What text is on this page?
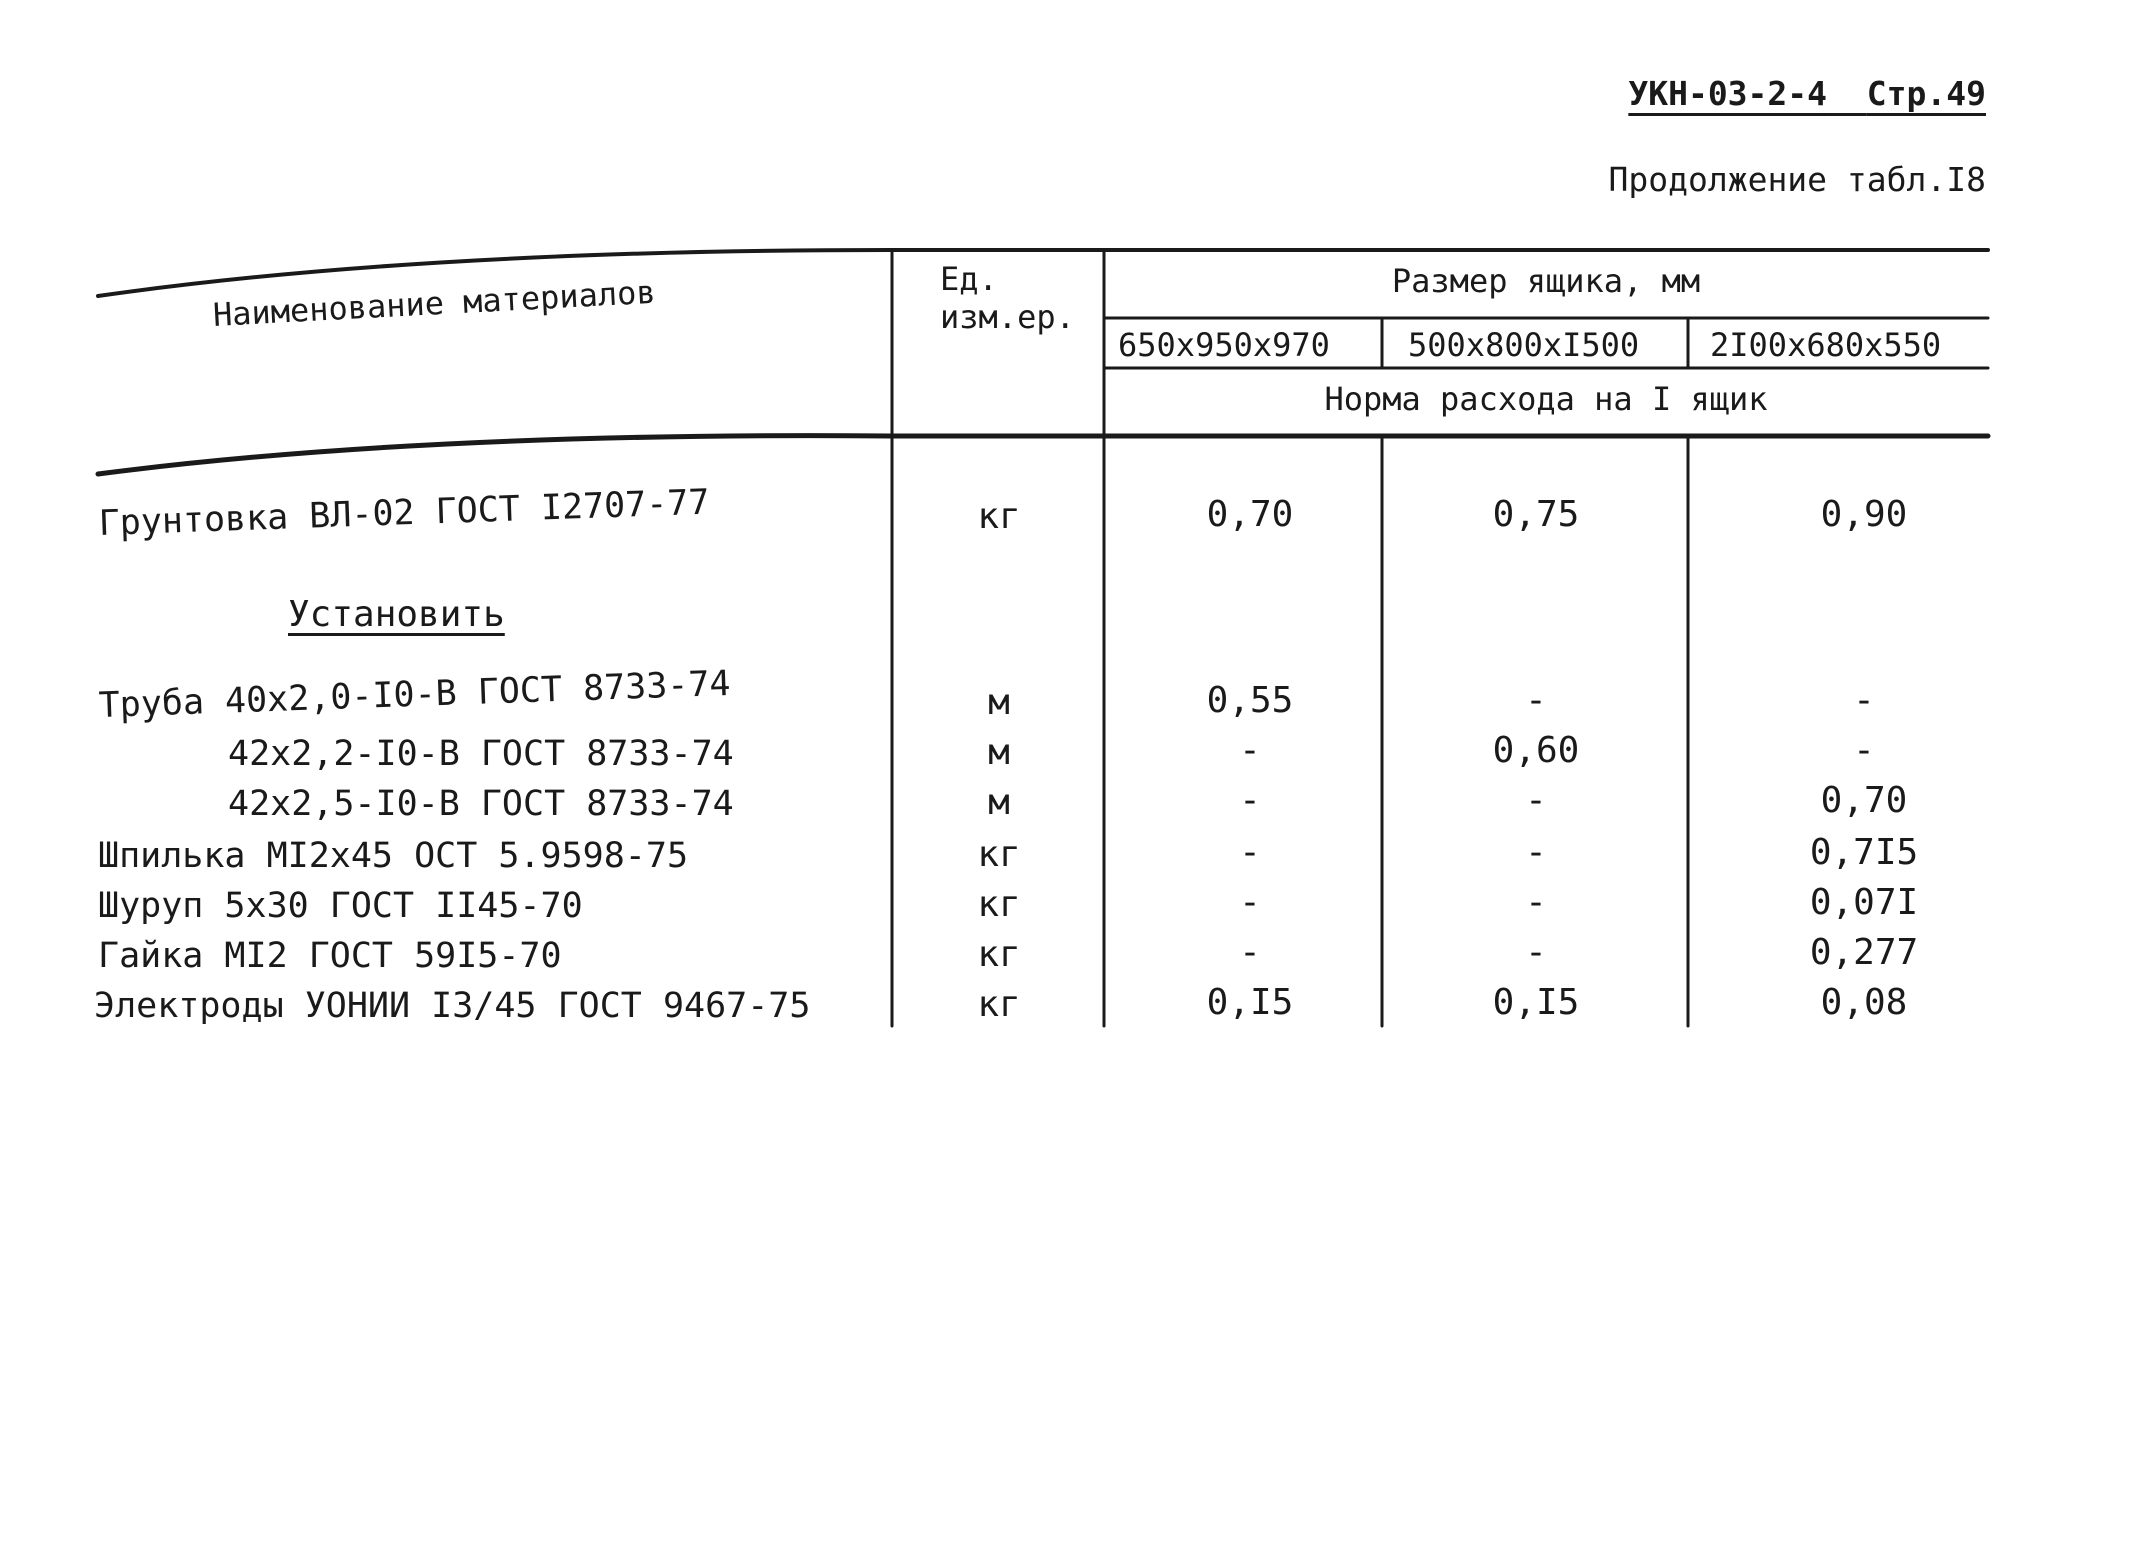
УКН-03-2-4 Стр.49
Продолжение табл.I8
Наименование материалов	Ед.
изм.ер.
Размер ящика, мм
650x950x970 500x800xI500 2I00x680x550
Норма расхода на I ящик
Грунтовка ВЛ-02 ГОСТ I2707-77	кг	0,70	0,75	0,90
Установить
Труба 40x2,0-I0-В ГОСТ 8733-74	м	0,55	-	-
42x2,2-I0-В ГОСТ 8733-74	м	-	0,60	-
42x2,5-I0-В ГОСТ 8733-74	м	-	-	0,70
Шпилька МI2x45 ОСТ 5.9598-75	кг	-	-	0,7I5
Шуруп 5x30 ГОСТ II45-70	кг	-	-	0,07I
Гайка МI2 ГОСТ 59I5-70	кг	-	-	0,277
Электроды УОНИИ I3/45 ГОСТ 9467-75	кг	0,I5	0,I5	0,08
